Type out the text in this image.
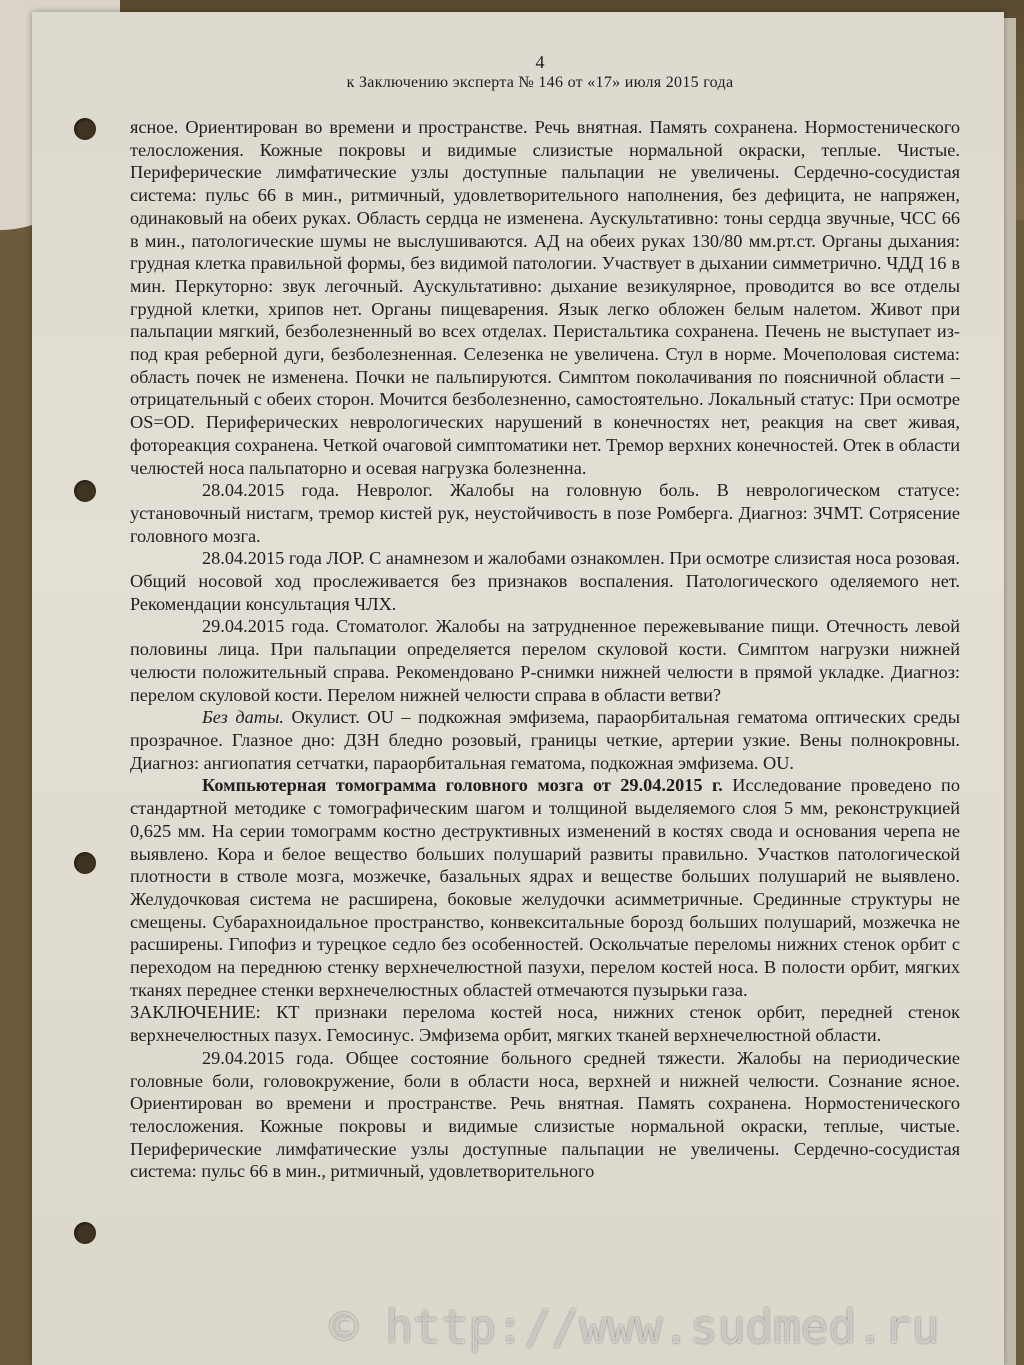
4
к Заключению эксперта № 146 от «17» июля 2015 года

ясное. Ориентирован во времени и пространстве. Речь внятная. Память сохранена. Нормостенического телосложения. Кожные покровы и видимые слизистые нормальной окраски, теплые. Чистые. Периферические лимфатические узлы доступные пальпации не увеличены. Сердечно-сосудистая система: пульс 66 в мин., ритмичный, удовлетворительного наполнения, без дефицита, не напряжен, одинаковый на обеих руках. Область сердца не изменена. Аускультативно: тоны сердца звучные, ЧСС 66 в мин., патологические шумы не выслушиваются. АД на обеих руках 130/80 мм.рт.ст. Органы дыхания: грудная клетка правильной формы, без видимой патологии. Участвует в дыхании симметрично. ЧДД 16 в мин. Перкуторно: звук легочный. Аускультативно: дыхание везикулярное, проводится во все отделы грудной клетки, хрипов нет. Органы пищеварения. Язык легко обложен белым налетом. Живот при пальпации мягкий, безболезненный во всех отделах. Перистальтика сохранена. Печень не выступает из-под края реберной дуги, безболезненная. Селезенка не увеличена. Стул в норме. Мочеполовая система: область почек не изменена. Почки не пальпируются. Симптом поколачивания по поясничной области – отрицательный с обеих сторон. Мочится безболезненно, самостоятельно. Локальный статус: При осмотре OS=OD. Периферических неврологических нарушений в конечностях нет, реакция на свет живая, фотореакция сохранена. Четкой очаговой симптоматики нет. Тремор верхних конечностей. Отек в области челюстей носа пальпаторно и осевая нагрузка болезненна.

28.04.2015 года. Невролог. Жалобы на головную боль. В неврологическом статусе: установочный нистагм, тремор кистей рук, неустойчивость в позе Ромберга. Диагноз: ЗЧМТ. Сотрясение головного мозга.

28.04.2015 года ЛОР. С анамнезом и жалобами ознакомлен. При осмотре слизистая носа розовая. Общий носовой ход прослеживается без признаков воспаления. Патологического оделяемого нет. Рекомендации консультация ЧЛХ.

29.04.2015 года. Стоматолог. Жалобы на затрудненное пережевывание пищи. Отечность левой половины лица. При пальпации определяется перелом скуловой кости. Симптом нагрузки нижней челюсти положительный справа. Рекомендовано Р-снимки нижней челюсти в прямой укладке. Диагноз: перелом скуловой кости. Перелом нижней челюсти справа в области ветви?

Без даты. Окулист. OU – подкожная эмфизема, параорбитальная гематома оптических среды прозрачное. Глазное дно: ДЗН бледно розовый, границы четкие, артерии узкие. Вены полнокровны. Диагноз: ангиопатия сетчатки, параорбитальная гематома, подкожная эмфизема. OU.

Компьютерная томограмма головного мозга от 29.04.2015 г. Исследование проведено по стандартной методике с томографическим шагом и толщиной выделяемого слоя 5 мм, реконструкцией 0,625 мм. На серии томограмм костно деструктивных изменений в костях свода и основания черепа не выявлено. Кора и белое вещество больших полушарий развиты правильно. Участков патологической плотности в стволе мозга, мозжечке, базальных ядрах и веществе больших полушарий не выявлено. Желудочковая система не расширена, боковые желудочки асимметричные. Срединные структуры не смещены. Субарахноидальное пространство, конвекситальные борозд больших полушарий, мозжечка не расширены. Гипофиз и турецкое седло без особенностей. Оскольчатые переломы нижних стенок орбит с переходом на переднюю стенку верхнечелюстной пазухи, перелом костей носа. В полости орбит, мягких тканях переднее стенки верхнечелюстных областей отмечаются пузырьки газа.

ЗАКЛЮЧЕНИЕ: КТ признаки перелома костей носа, нижних стенок орбит, передней стенок верхнечелюстных пазух. Гемосинус. Эмфизема орбит, мягких тканей верхнечелюстной области.

29.04.2015 года. Общее состояние больного средней тяжести. Жалобы на периодические головные боли, головокружение, боли в области носа, верхней и нижней челюсти. Сознание ясное. Ориентирован во времени и пространстве. Речь внятная. Память сохранена. Нормостенического телосложения. Кожные покровы и видимые слизистые нормальной окраски, теплые, чистые. Периферические лимфатические узлы доступные пальпации не увеличены. Сердечно-сосудистая система: пульс 66 в мин., ритмичный, удовлетворительного

© http://www.sudmed.ru
